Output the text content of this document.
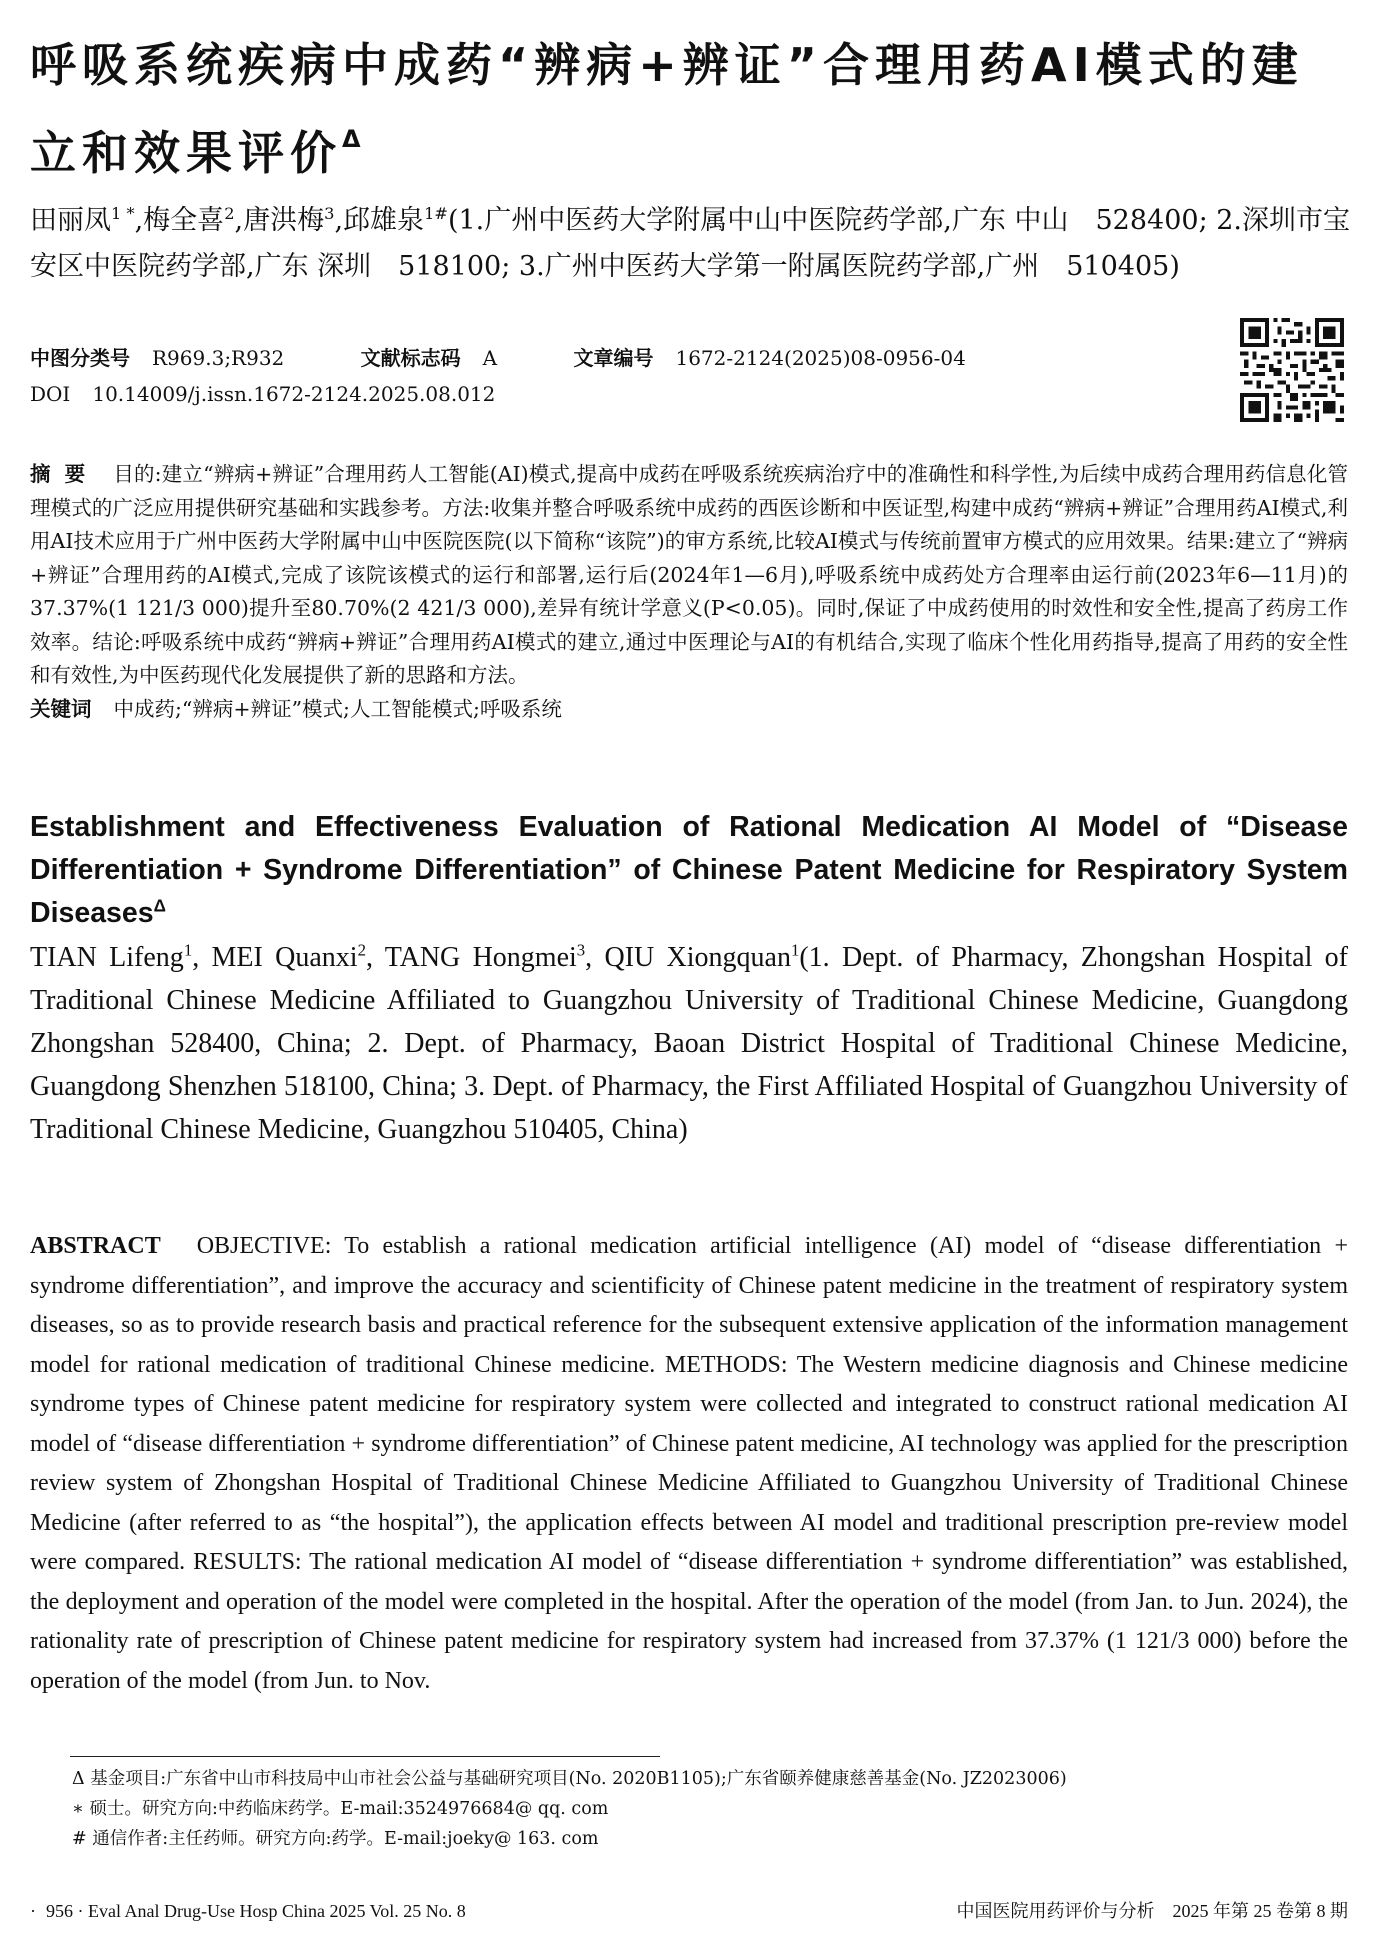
呼吸系统疾病中成药“辨病+辨证”合理用药AI模式的建立和效果评价$^\Delta$

田丽凤$^{1 *}$,梅全喜$^2$,唐洪梅$^3$,邱雄泉$^{1\#}$(1.广州中医药大学附属中山中医院药学部,广东 中山　528400; 2.深圳市宝安区中医院药学部,广东 深圳　518100; 3.广州中医药大学第一附属医院药学部,广州　510405)

中图分类号 R969.3;R932	文献标志码 A	文章编号 1672-2124(2025)08-0956-04
DOI 10.14009/j.issn.1672-2124.2025.08.012

摘要 目的:建立“辨病+辨证”合理用药人工智能(AI)模式,提高中成药在呼吸系统疾病治疗中的准确性和科学性,为后续中成药合理用药信息化管理模式的广泛应用提供研究基础和实践参考。方法:收集并整合呼吸系统中成药的西医诊断和中医证型,构建中成药“辨病+辨证”合理用药AI模式,利用AI技术应用于广州中医药大学附属中山中医院医院(以下简称“该院”)的审方系统,比较AI模式与传统前置审方模式的应用效果。结果:建立了“辨病+辨证”合理用药的AI模式,完成了该院该模式的运行和部署,运行后(2024年1—6月),呼吸系统中成药处方合理率由运行前(2023年6—11月)的37.37%(1 121/3 000)提升至80.70%(2 421/3 000),差异有统计学意义(P<0.05)。同时,保证了中成药使用的时效性和安全性,提高了药房工作效率。结论:呼吸系统中成药“辨病+辨证”合理用药AI模式的建立,通过中医理论与AI的有机结合,实现了临床个性化用药指导,提高了用药的安全性和有效性,为中医药现代化发展提供了新的思路和方法。

关键词 中成药;“辨病+辨证”模式;人工智能模式;呼吸系统

Establishment and Effectiveness Evaluation of Rational Medication AI Model of “Disease Differentiation + Syndrome Differentiation” of Chinese Patent Medicine for Respiratory System Diseases$^\Delta$

TIAN Lifeng$^1$, MEI Quanxi$^2$, TANG Hongmei$^3$, QIU Xiongquan$^1$(1. Dept. of Pharmacy, Zhongshan Hospital of Traditional Chinese Medicine Affiliated to Guangzhou University of Traditional Chinese Medicine, Guangdong Zhongshan 528400, China; 2. Dept. of Pharmacy, Baoan District Hospital of Traditional Chinese Medicine, Guangdong Shenzhen 518100, China; 3. Dept. of Pharmacy, the First Affiliated Hospital of Guangzhou University of Traditional Chinese Medicine, Guangzhou 510405, China)

ABSTRACT OBJECTIVE: To establish a rational medication artificial intelligence (AI) model of “disease differentiation + syndrome differentiation”, and improve the accuracy and scientificity of Chinese patent medicine in the treatment of respiratory system diseases, so as to provide research basis and practical reference for the subsequent extensive application of the information management model for rational medication of traditional Chinese medicine. METHODS: The Western medicine diagnosis and Chinese medicine syndrome types of Chinese patent medicine for respiratory system were collected and integrated to construct rational medication AI model of “disease differentiation + syndrome differentiation” of Chinese patent medicine, AI technology was applied for the prescription review system of Zhongshan Hospital of Traditional Chinese Medicine Affiliated to Guangzhou University of Traditional Chinese Medicine (after referred to as “the hospital”), the application effects between AI model and traditional prescription pre-review model were compared. RESULTS: The rational medication AI model of “disease differentiation + syndrome differentiation” was established, the deployment and operation of the model were completed in the hospital. After the operation of the model (from Jan. to Jun. 2024), the rationality rate of prescription of Chinese patent medicine for respiratory system had increased from 37.37% (1 121/3 000) before the operation of the model (from Jun. to Nov.

Δ 基金项目:广东省中山市科技局中山市社会公益与基础研究项目(No. 2020B1105);广东省颐养健康慈善基金(No. JZ2023006)

∗ 硕士。研究方向:中药临床药学。E-mail:3524976684@ qq. com

# 通信作者:主任药师。研究方向:药学。E-mail:joeky@ 163. com

· 956 · Eval Anal Drug-Use Hosp China 2025 Vol. 25 No. 8	中国医院用药评价与分析　2025 年第 25 卷第 8 期
